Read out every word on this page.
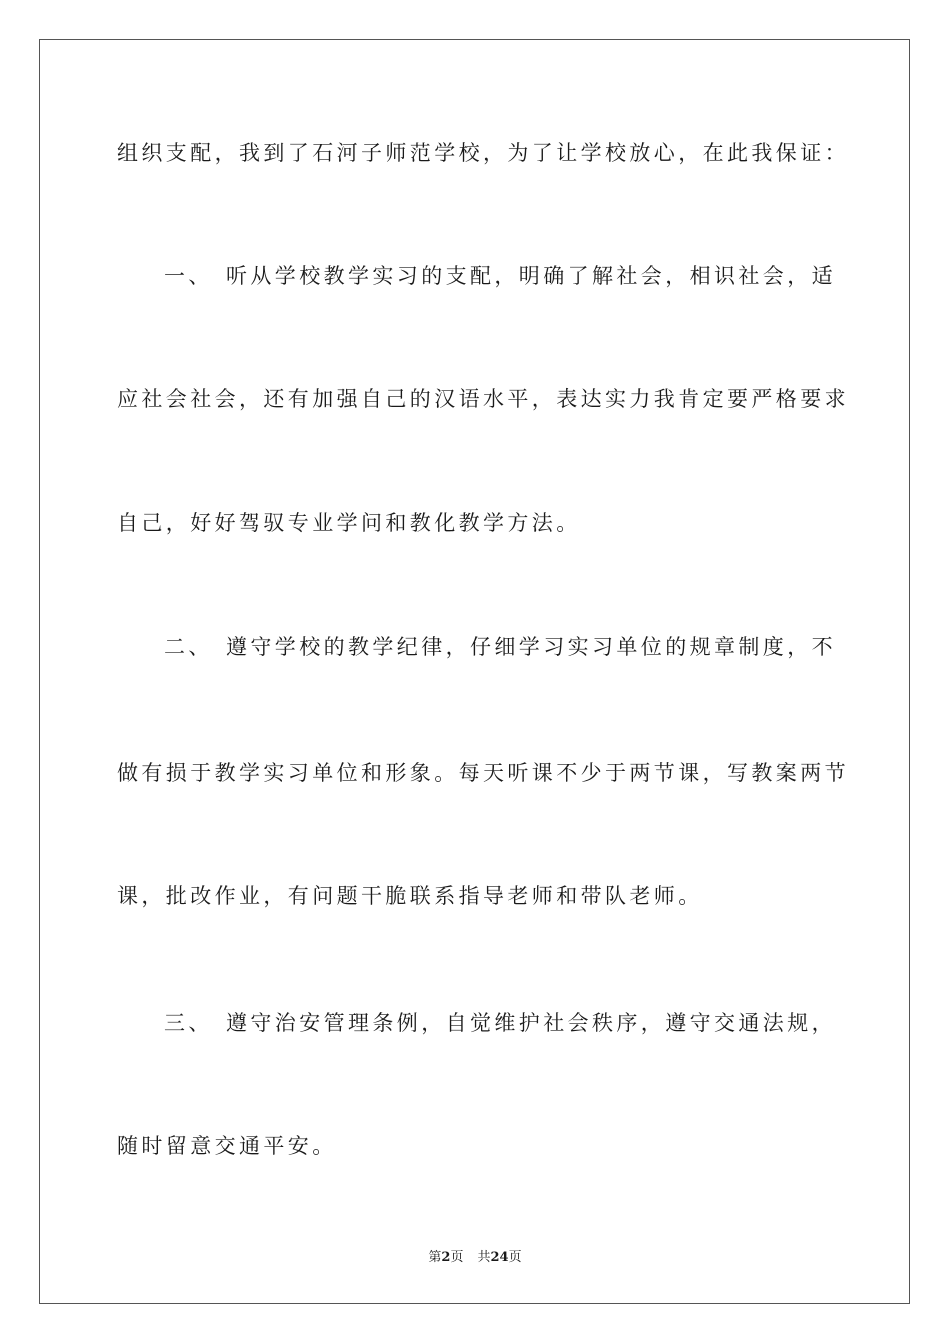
组织支配，我到了石河子师范学校，为了让学校放心，在此我保证：
一、 听从学校教学实习的支配，明确了解社会，相识社会，适
应社会社会，还有加强自己的汉语水平，表达实力我肯定要严格要求
自己，好好驾驭专业学问和教化教学方法。
二、 遵守学校的教学纪律，仔细学习实习单位的规章制度，不
做有损于教学实习单位和形象。每天听课不少于两节课，写教案两节
课，批改作业，有问题干脆联系指导老师和带队老师。
三、 遵守治安管理条例，自觉维护社会秩序，遵守交通法规，
随时留意交通平安。
第2页 共24页
